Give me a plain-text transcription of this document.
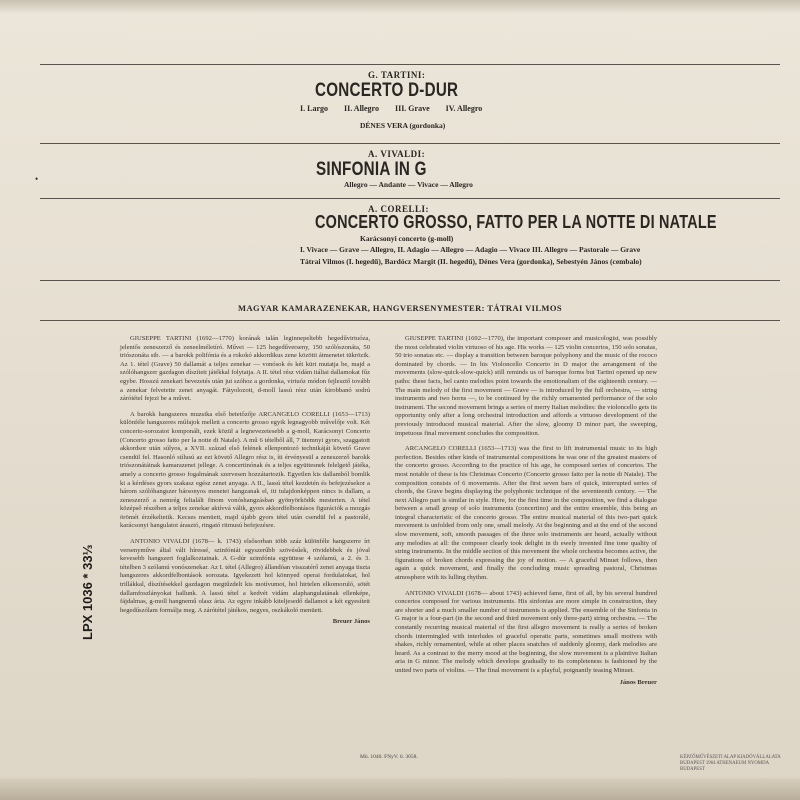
G. TARTINI:
CONCERTO D-DUR
I. Largo II. Allegro III. Grave IV. Allegro
DÉNES VERA (gordonka)
A. VIVALDI:
SINFONIA IN G
Allegro — Andante — Vivace — Allegro
•
A. CORELLI:
CONCERTO GROSSO, FATTO PER LA NOTTE DI NATALE
Karácsonyi concerto (g-moll)
I. Vivace — Grave — Allegro, II. Adagio — Allegro — Adagio — Vivace III. Allegro — Pastorale — Grave
Tátrai Vilmos (I. hegedű), Bardócz Margit (II. hegedű), Dénes Vera (gordonka), Sebestyén János (cembalo)
MAGYAR KAMARAZENEKAR, HANGVERSENYMESTER: TÁTRAI VILMOS
LPX 1036 * 33⅓

GIUSEPPE TARTINI (1692—1770) korának talán leginnepeltebb hegedűvirtuóza, jelentős zeneszerző és zeneelméletíró. Művei — 125 hegedűverseny, 150 szólószonáta, 50 triószonáta stb. — a barokk polifónia és a rokokó akkordikus zene közötti átmenetet tükrözik. Az 1. tétel (Grave) 50 dallamát a teljes zenekar — vonósok és két kürt mutatja be, majd a szólóhangszer gazdagon díszített játékkal folytatja. A II. tétel rész vidám itáliai dallamokat fűz egybe. Hosszú zenekari bevezetés után jut szóhoz a gordonka, virtuóz módon fejlesztő tovább a zenekar felvetette zenei anyagát. Fátyolozott, d-moll lassú rész után kirobbanó sodrú zárótétel fejezi be a művet.

A barokk hangszeres muzsika első betetőzője ARCANGELO CORELLI (1653—1713) különféle hangszeres műfajok mellett a concerto grosso egyik legnagyobb művelője volt. Két concerto-sorozatot komponált, ezek közül a legnevezetesebb a g-moll, Karácsonyi Concerto (Concerto grosso fatto per la notte di Natale). A mű 6 tételből áll, 7 ütemnyi gyors, szaggatott akkordsor után súlyos, a XVII. század első felének ellenpontozó technikáját követő Grave csendül fel. Hasonló stílusú az ezt követő Allegro rész is, íti érvényesül a zeneszerző barokk triószonátáinak kamarazenei jellege. A concertinónak és a teljes együttesnek felelgető játéka, amely a concerto grosso fogalmának szervesen hozzátartozik. Egyetlen kis dallamból bomlik ki a kérdéses gyors szakasz egész zenei anyaga. A II., lassú tétel kezdetén és befejezésekor a három szólóhangszer bársonyos menetei hangzanak el, itt tulajdonképpen nincs is dallam, a zeneszerző a nemrég feltalált finom vonóshangzásban gyönyörködik mesterien. A tétel középső részében a teljes zenekar aktívvá válik, gyors akkordfelbontásos figurációk a mozgás örömét érzékeltetik. Kecses menüett, majd újabb gyors tétel után csendül fel a pastorálé, karácsonyi hangulatot árasztó, ringató ritmusú befejezésre.

ANTONIO VIVALDI (1678— k. 1743) elsősorban több száz különféle hangszerre írt versenyműve által vált híressé, szinfóniái egyszerűbb szövésűek, rövidebbek és jóval kevesebb hangszert foglalkoztatnak. A G-dúr szimfónia együttese 4 szólamú, a 2. és 3. tételben 3 szólamú vonószenekar. Az I. tétel (Allegro) állandóan visszatérő zenei anyaga tiszta hangszeres akkordfelbontások sorozata. Igyekezett hol könnyed operai fordulatokat, hol trillákkal, díszítésekkel gazdagon megtűzdelt kis motívumot, hol hirtelen elkomoruló, sötét dallamfoszlányokat hallunk. A lassú tétel a kedvét vidám alaphangulatának ellenképe, fájdalmas, g-moll hangnemű olasz ária. Az egyre inkább kiteljesedő dallamot a két egyesített hegedűszólam formálja meg. A zárótétel játékos, negyes, oszkákoló menüett.

Breuer János

GIUSEPPE TARTINI (1692—1770), the important composer and musicologist, was possibly the most celebrated violin virtuoso of his age. His works — 125 violin concertos, 150 solo sonatas, 50 trio sonatas etc. — display a transition between baroque polyphony and the music of the rococo dominated by chords. — In his Violoncello Concerto in D major the arrangement of the movements (slow-quick-slow-quick) still reminds us of baroque forms but Tartini opened up new paths: these facts, bel canto melodies point towards the emotionalism of the eighteenth century. — The main melody of the first movement — Grave — is introduced by the full orchestra, — string instruments and two horns —, to be continued by the richly ornamented performance of the solo instrument. The second movement brings a series of merry Italian melodies: the violoncello gets its opportunity only after a long orchestral introduction and affords a virtuoso development of the previously introduced musical material. After the slow, gloomy D minor part, the sweeping, impetuous final movement concludes the composition.

ARCANGELO CORELLI (1653—1713) was the first to lift instrumental music to its high perfection. Besides other kinds of instrumental compositions he was one of the greatest masters of the concerto grosso. According to the practice of his age, he composed series of concertos. The most notable of these is his Christmas Concerto (Concerto grosso fatto per la notte di Natale). The composition consists of 6 movements. After the first seven bars of quick, interrupted series of chords, the Grave begins displaying the polyphonic technique of the seventeenth century. — The next Allegro part is similar in style. Here, for the first time in the composition, we find a dialogue between a small group of solo instruments (concertino) and the entire ensemble, this being an integral characteristic of the concerto grosso. The entire musical material of this two-part quick movement is unfolded from only one, small melody. At the beginning and at the end of the second slow movement, soft, smooth passages of the three solo instruments are heard, actually without any melodies at all: the composer clearly took delight in th ewely invented fine tone quality of string instruments. In the middle section of this movement the whole orchestra becomes active, the figurations of broken chords expressing the joy of motion. — A graceful Minuet follows, then again a quick movement, and finally the concluding music spreading pastoral, Christmas atmosphere with its lulling rhythm.

ANTONIO VIVALDI (1678— about 1743) achieved fame, first of all, by his several hundred concertos composed for various instruments. His sinfonias are more simple in construction, they are shorter and a much smaller number of instruments is applied. The ensemble of the Sinfonia in G major is a four-part (in the second and third movement only three-part) string orchestra. — The constantly recurring musical material of the first allegro movement is really a series of broken chords intermingled with interludes of graceful operatic parts, sometimes small motives with shakes, richly ornamented, while at other places snatches of suddenly gloomy, dark melodies are heard. As a contrast to the merry mood at the beginning, the slow movement is a plaintive Italian aria in G minor. The melody which develops gradually to its completeness is fashioned by the united two parts of violins. — The final movement is a playful, poignantly teasing Minuet.

János Breuer

Mü. 1040. FNyV. 6. 3058.	KÉPZŐMŰVÉSZETI ALAP KIADÓVÁLLALATA BUDAPEST 1964 ATHENAEUM NYOMDA BUDAPEST
